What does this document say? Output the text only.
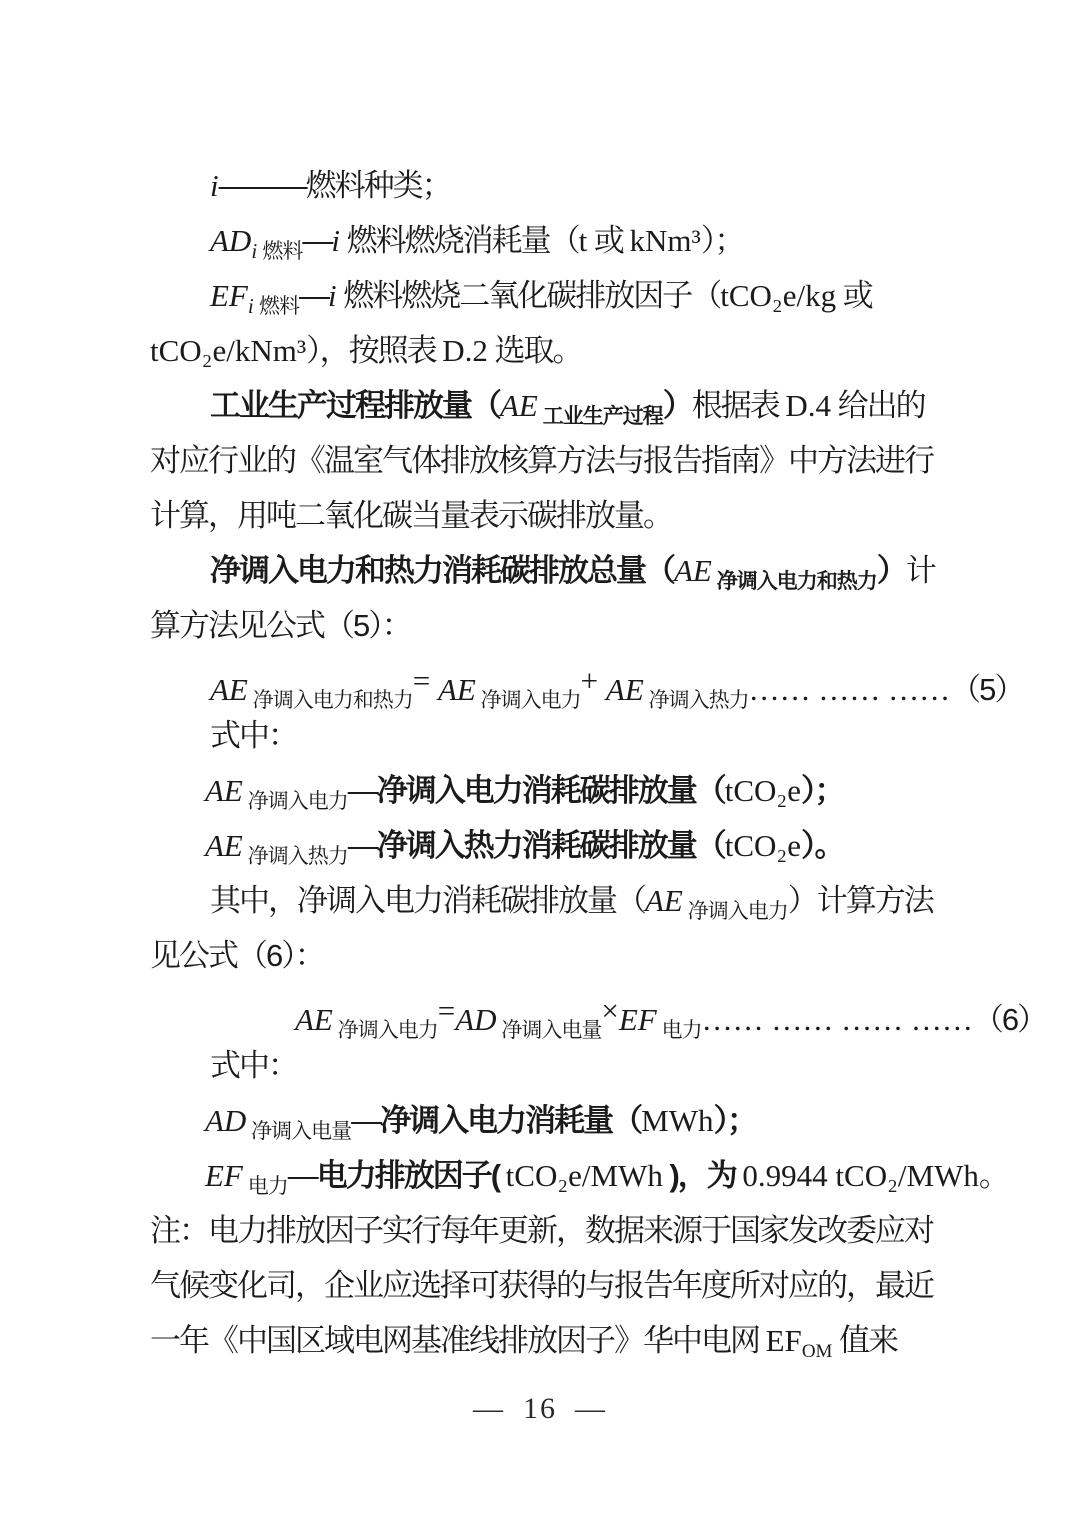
i———燃料种类；
$AD_i$ $_{燃料}$—i 燃料燃烧消耗量（t 或 kNm³）；
$EF_i$ $_{燃料}$—i 燃料燃烧二氧化碳排放因子（tCO₂e/kg 或
tCO₂e/kNm³），按照表 D.2 选取。
工业生产过程排放量（AE $_{工业生产过程}$）根据表 D.4 给出的
对应行业的《温室气体排放核算方法与报告指南》中方法进行
计算，用吨二氧化碳当量表示碳排放量。
净调入电力和热力消耗碳排放总量（AE $_{净调入电力和热力}$）计
算方法见公式（5）：
AE $_{净调入电力和热力}$= AE $_{净调入电力}$+ AE $_{净调入热力}$…… …… ……（5）
式中：
AE $_{净调入电力}$—净调入电力消耗碳排放量（tCO₂e）；
AE $_{净调入热力}$—净调入热力消耗碳排放量（tCO₂e）。
其中，净调入电力消耗碳排放量（AE $_{净调入电力}$）计算方法
见公式（6）：
AE $_{净调入电力}$=AD $_{净调入电量}$×EF $_{电力}$…… …… …… ……（6）
式中：
AD $_{净调入电量}$—净调入电力消耗量（MWh）；
EF $_{电力}$—电力排放因子( tCO₂e/MWh )，为 0.9944 tCO₂/MWh。
注：电力排放因子实行每年更新，数据来源于国家发改委应对
气候变化司，企业应选择可获得的与报告年度所对应的，最近
一年《中国区域电网基准线排放因子》华中电网 EFOM 值来
— 16 —
